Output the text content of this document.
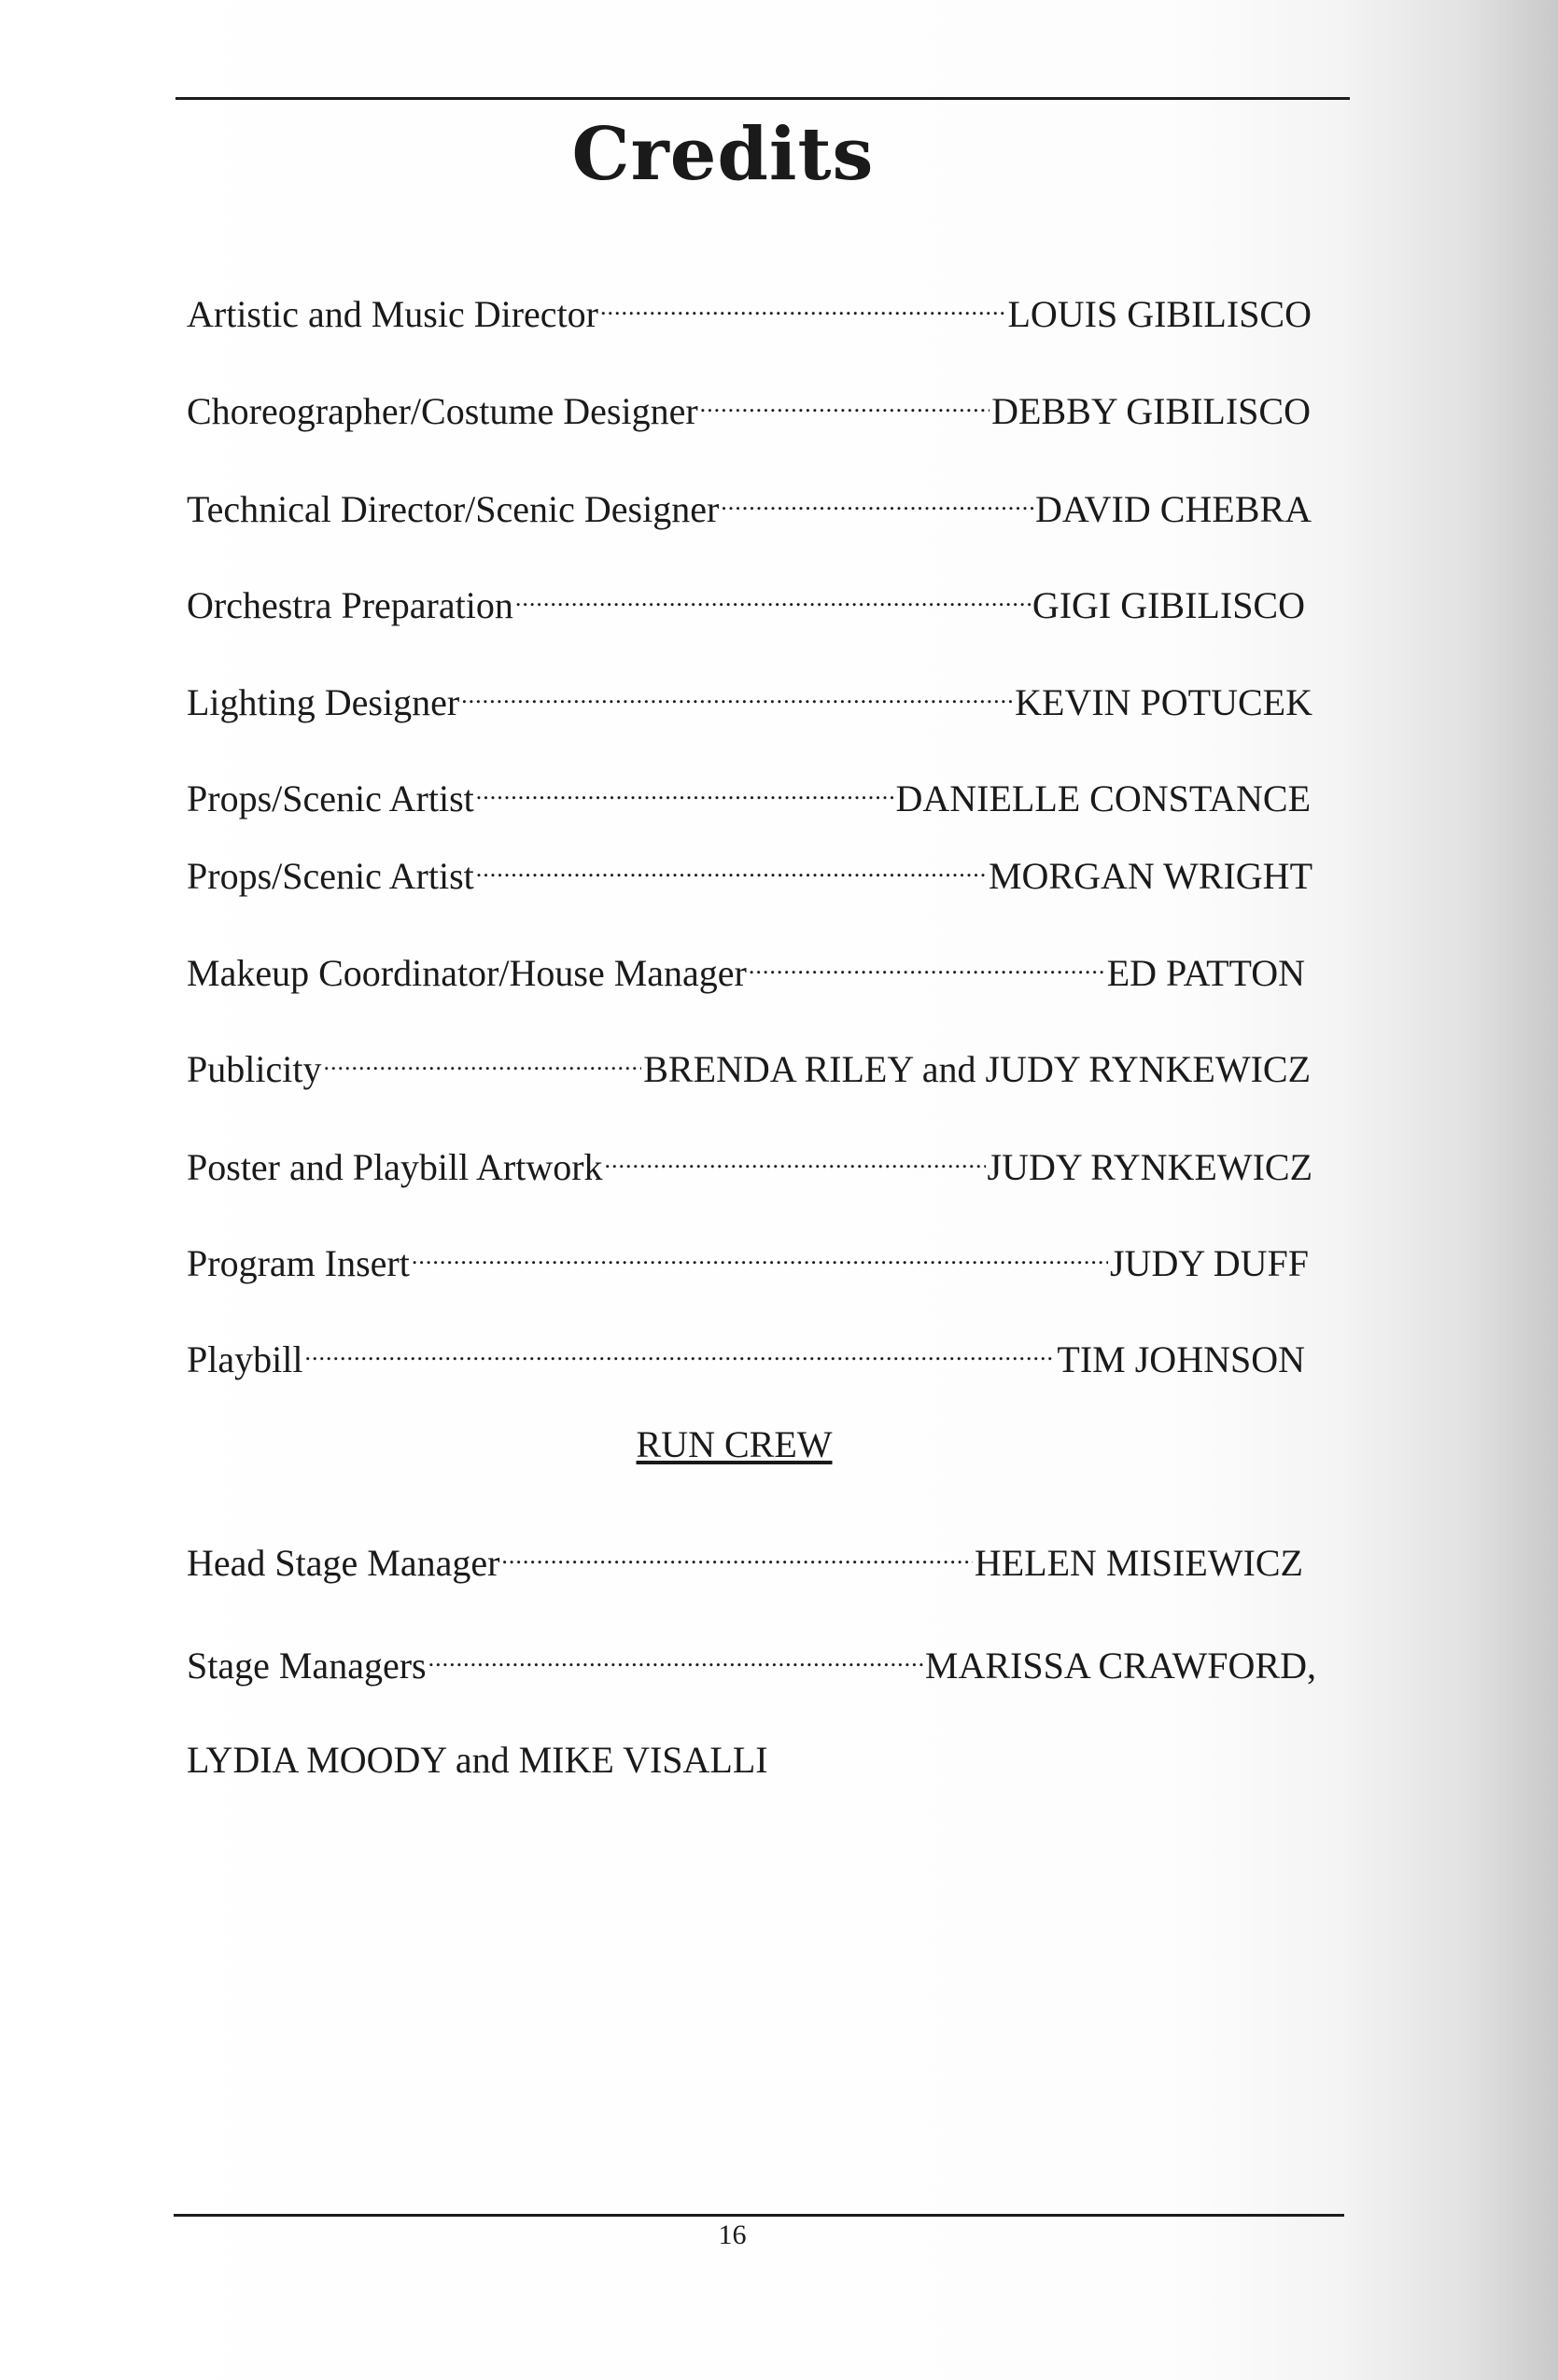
Credits
Artistic and Music Director .....	LOUIS GIBILISCO
Choreographer/Costume Designer .....	DEBBY GIBILISCO
Technical Director/Scenic Designer .....	DAVID CHEBRA
Orchestra Preparation .....	GIGI GIBILISCO
Lighting Designer .....	KEVIN POTUCEK
Props/Scenic Artist .....	DANIELLE CONSTANCE
Props/Scenic Artist .....	MORGAN WRIGHT
Makeup Coordinator/House Manager .....	ED PATTON
Publicity .....	BRENDA RILEY and JUDY RYNKEWICZ
Poster and Playbill Artwork .....	JUDY RYNKEWICZ
Program Insert .....	JUDY DUFF
Playbill .....	TIM JOHNSON
RUN CREW
Head Stage Manager .....	HELEN MISIEWICZ
Stage Managers .....	MARISSA CRAWFORD,
LYDIA MOODY and MIKE VISALLI
16
